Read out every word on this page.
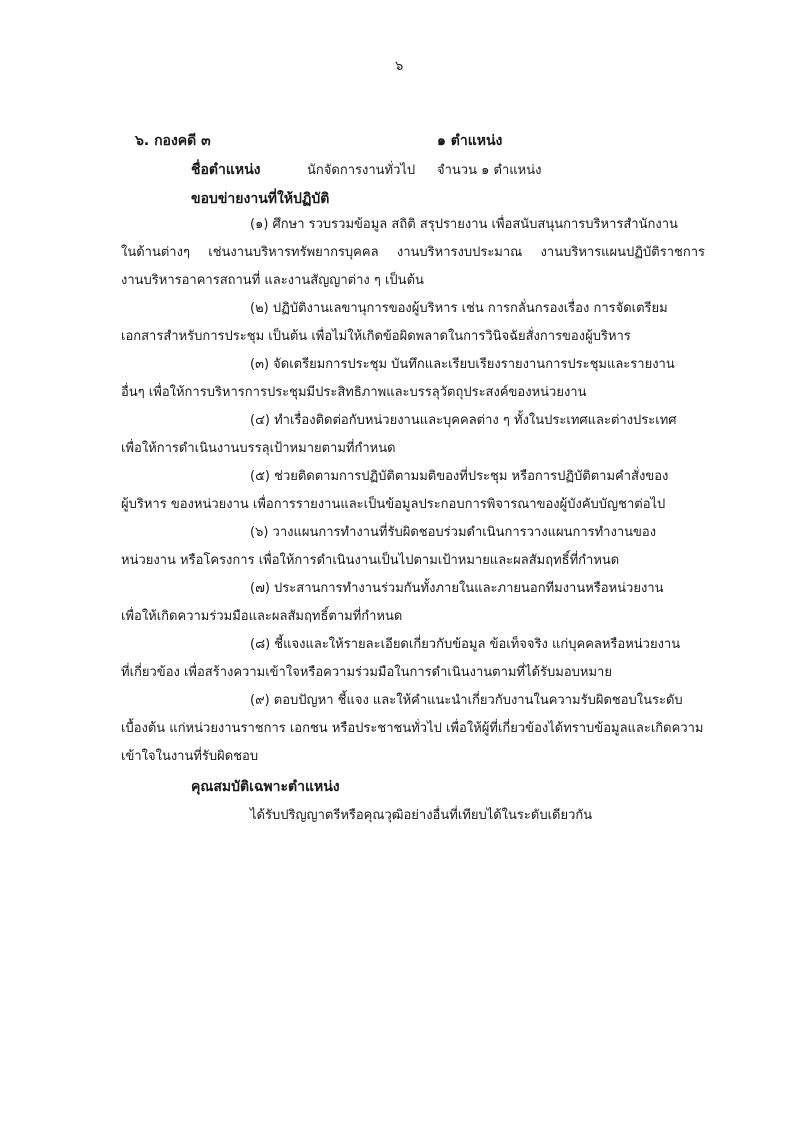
๖
๖. กองคดี ๓	๑ ตำแหน่ง
ชื่อตำแหน่ง	นักจัดการงานทั่วไป จำนวน ๑ ตำแหน่ง
ขอบข่ายงานที่ให้ปฏิบัติ
(๑) ศึกษา รวบรวมข้อมูล สถิติ สรุปรายงาน เพื่อสนับสนุนการบริหารสำนักงาน
ในด้านต่างๆ เช่นงานบริหารทรัพยากรบุคคล งานบริหารงบประมาณ งานบริหารแผนปฏิบัติราชการ
งานบริหารอาคารสถานที่ และงานสัญญาต่าง ๆ เป็นต้น
(๒) ปฏิบัติงานเลขานุการของผู้บริหาร เช่น การกลั่นกรองเรื่อง การจัดเตรียม
เอกสารสำหรับการประชุม เป็นต้น เพื่อไม่ให้เกิดข้อผิดพลาดในการวินิจฉัยสั่งการของผู้บริหาร
(๓) จัดเตรียมการประชุม บันทึกและเรียบเรียงรายงานการประชุมและรายงาน
อื่นๆ เพื่อให้การบริหารการประชุมมีประสิทธิภาพและบรรลุวัตถุประสงค์ของหน่วยงาน
(๔) ทำเรื่องติดต่อกับหน่วยงานและบุคคลต่าง ๆ ทั้งในประเทศและต่างประเทศ
เพื่อให้การดำเนินงานบรรลุเป้าหมายตามที่กำหนด
(๕) ช่วยติดตามการปฏิบัติตามมติของที่ประชุม หรือการปฏิบัติตามคำสั่งของ
ผู้บริหาร ของหน่วยงาน เพื่อการรายงานและเป็นข้อมูลประกอบการพิจารณาของผู้บังคับบัญชาต่อไป
(๖) วางแผนการทำงานที่รับผิดชอบร่วมดำเนินการวางแผนการทำงานของ
หน่วยงาน หรือโครงการ เพื่อให้การดำเนินงานเป็นไปตามเป้าหมายและผลสัมฤทธิ์ที่กำหนด
(๗) ประสานการทำงานร่วมกันทั้งภายในและภายนอกทีมงานหรือหน่วยงาน
เพื่อให้เกิดความร่วมมือและผลสัมฤทธิ์ตามที่กำหนด
(๘) ชี้แจงและให้รายละเอียดเกี่ยวกับข้อมูล ข้อเท็จจริง แก่บุคคลหรือหน่วยงาน
ที่เกี่ยวข้อง เพื่อสร้างความเข้าใจหรือความร่วมมือในการดำเนินงานตามที่ได้รับมอบหมาย
(๙) ตอบปัญหา ชี้แจง และให้คำแนะนำเกี่ยวกับงานในความรับผิดชอบในระดับ
เบื้องต้น แก่หน่วยงานราชการ เอกชน หรือประชาชนทั่วไป เพื่อให้ผู้ที่เกี่ยวข้องได้ทราบข้อมูลและเกิดความ
เข้าใจในงานที่รับผิดชอบ
คุณสมบัติเฉพาะตำแหน่ง
ได้รับปริญญาตรีหรือคุณวุฒิอย่างอื่นที่เทียบได้ในระดับเดียวกัน
